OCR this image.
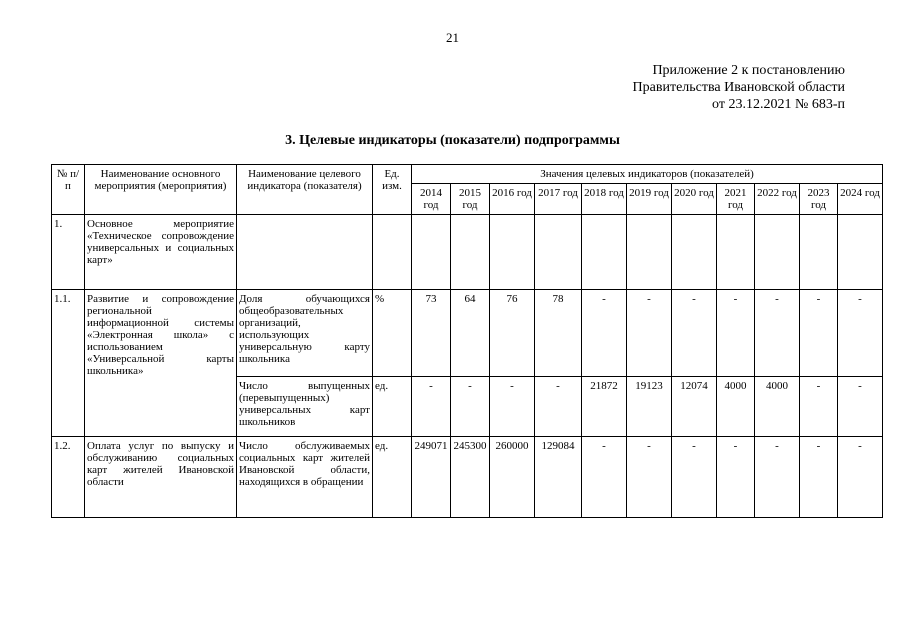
21
Приложение 2 к постановлению
Правительства Ивановской области
от 23.12.2021 № 683-п
3. Целевые индикаторы (показатели) подпрограммы
№ п/п	Наименование основного мероприятия (мероприятия)	Наименование целевого индикатора (показателя)	Ед. изм.	Значения целевых индикаторов (показателей)										
				2014 год	2015 год	2016 год	2017 год	2018 год	2019 год	2020 год	2021 год	2022 год	2023 год	2024 год
1.	Основное мероприятие «Техническое сопровождение универсальных и социальных карт»													
1.1.	Развитие и сопровождение региональной информационной системы «Электронная школа» с использованием «Универсальной карты школьника»	Доля обучающихся общеобразовательных организаций, использующих универсальную карту школьника	%	73	64	76	78	-	-	-	-	-	-	-
		Число выпущенных (перевыпущенных) универсальных карт школьников	ед.	-	-	-	-	21872	19123	12074	4000	4000	-	-
1.2.	Оплата услуг по выпуску и обслуживанию социальных карт жителей Ивановской области	Число обслуживаемых социальных карт жителей Ивановской области, находящихся в обращении	ед.	249071	245300	260000	129084	-	-	-	-	-	-	-
